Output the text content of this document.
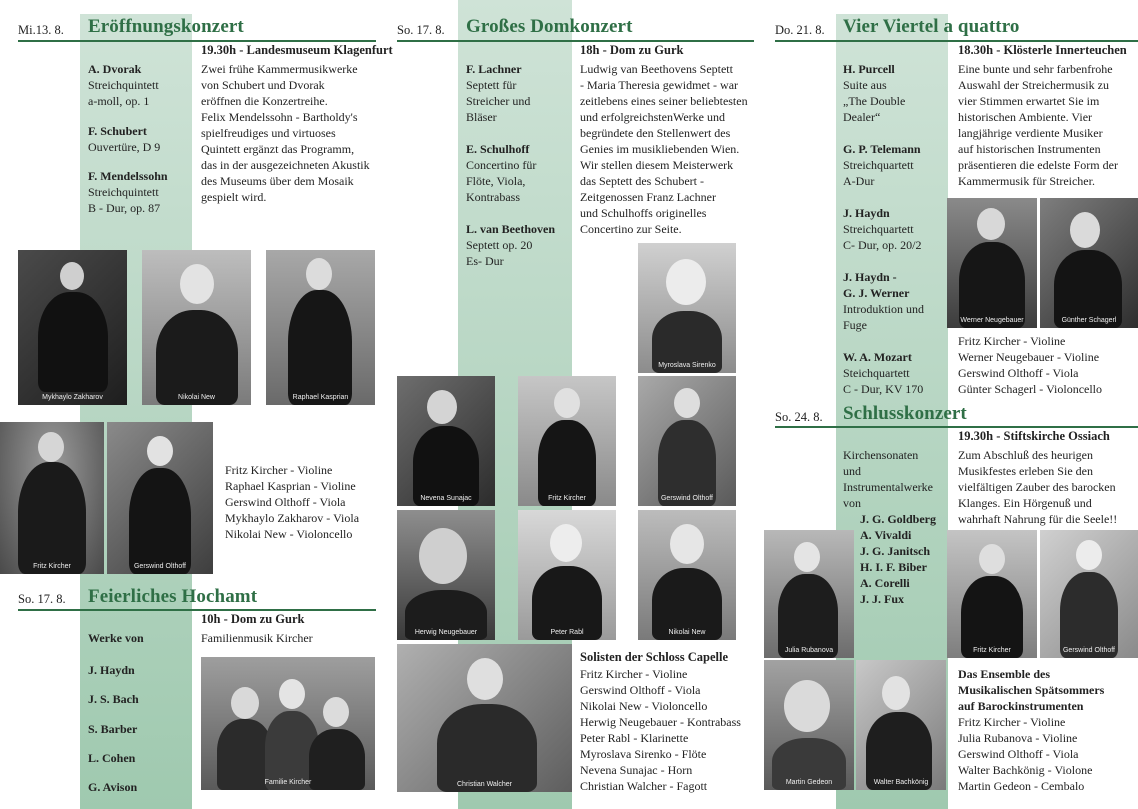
Mi.13. 8. Eröffnungskonzert
19.30h - Landesmuseum Klagenfurt
A. Dvorak
Streichquintett
a-moll, op. 1
F. Schubert
Ouvertüre, D 9
F. Mendelssohn
Streichquintett
B - Dur, op. 87
Zwei frühe Kammermusikwerke
von Schubert und Dvorak
eröffnen die Konzertreihe.
Felix Mendelssohn - Bartholdy's
spielfreudiges und virtuoses
Quintett ergänzt das Programm,
das in der ausgezeichneten Akustik
des Museums über dem Mosaik
gespielt wird.
Mykhaylo Zakharov	Nikolai New	Raphael Kasprian
Fritz Kircher	Gerswind Olthoff
Fritz Kircher - Violine
Raphael Kasprian - Violine
Gerswind Olthoff - Viola
Mykhaylo Zakharov - Viola
Nikolai New - Violoncello
So. 17. 8. Feierliches Hochamt
10h - Dom zu Gurk
Familienmusik Kircher
Werke von
J. Haydn
J. S. Bach
S. Barber
L. Cohen
G. Avison	Familie Kircher
So. 17. 8. Großes Domkonzert
18h - Dom zu Gurk
F. Lachner
Septett für
Streicher und
Bläser
E. Schulhoff
Concertino für
Flöte, Viola,
Kontrabass
L. van Beethoven
Septett op. 20
Es- Dur
Ludwig van Beethovens Septett
- Maria Theresia gewidmet - war
zeitlebens eines seiner beliebtesten
und erfolgreichstenWerke und
begründete den Stellenwert des
Genies im musikliebenden Wien.
Wir stellen diesem Meisterwerk
das Septett des Schubert -
Zeitgenossen Franz Lachner
und Schulhoffs originelles
Concertino zur Seite.
Myroslava Sirenko
Nevena Sunajac	Fritz Kircher	Gerswind Olthoff
Herwig Neugebauer	Peter Rabl	Nikolai New
Christian Walcher
Solisten der Schloss Capelle
Fritz Kircher - Violine
Gerswind Olthoff - Viola
Nikolai New - Violoncello
Herwig Neugebauer - Kontrabass
Peter Rabl - Klarinette
Myroslava Sirenko - Flöte
Nevena Sunajac - Horn
Christian Walcher - Fagott
Do. 21. 8. Vier Viertel a quattro
18.30h - Klösterle Innerteuchen
H. Purcell
Suite aus
„The Double
Dealer“
G. P. Telemann
Streichquartett
A-Dur
J. Haydn
Streichquartett
C- Dur, op. 20/2
J. Haydn -
G. J. Werner
Introduktion und
Fuge
W. A. Mozart
Steichquartett
C - Dur, KV 170
Eine bunte und sehr farbenfrohe
Auswahl der Streichermusik zu
vier Stimmen erwartet Sie im
historischen Ambiente. Vier
langjährige verdiente Musiker
auf historischen Instrumenten
präsentieren die edelste Form der
Kammermusik für Streicher.
Werner Neugebauer	Günther Schagerl
Fritz Kircher - Violine
Werner Neugebauer - Violine
Gerswind Olthoff - Viola
Günter Schagerl - Violoncello
So. 24. 8. Schlusskonzert
19.30h - Stiftskirche Ossiach
Kirchensonaten
und
Instrumentalwerke
von
J. G. Goldberg
A. Vivaldi
J. G. Janitsch
H. I. F. Biber
A. Corelli
J. J. Fux
Zum Abschluß des heurigen
Musikfestes erleben Sie den
vielfältigen Zauber des barocken
Klanges. Ein Hörgenuß und
wahrhaft Nahrung für die Seele!!
Julia Rubanova	Fritz Kircher	Gerswind Olthoff
Martin Gedeon	Walter Bachkönig
Das Ensemble des
Musikalischen Spätsommers
auf Barockinstrumenten
Fritz Kircher - Violine
Julia Rubanova - Violine
Gerswind Olthoff - Viola
Walter Bachkönig - Violone
Martin Gedeon - Cembalo
